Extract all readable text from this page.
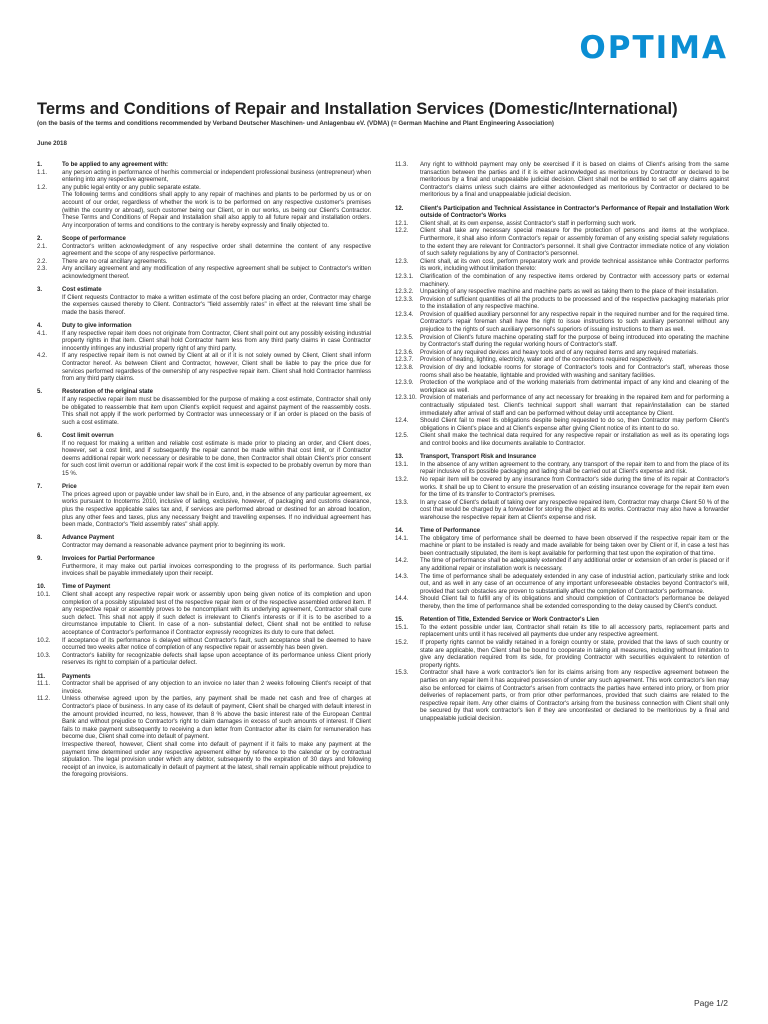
OPTIMA
Terms and Conditions of Repair and Installation Services (Domestic/International)
(on the basis of the terms and conditions recommended by Verband Deutscher Maschinen- und Anlagenbau eV. (VDMA) (= German Machine and Plant Engineering Association)
June 2018
1.	To be applied to any agreement with:
1.1.	any person acting in performance of her/his commercial or independent professional business (entrepreneur) when entering into any respective agreement,
1.2.	any public legal entity or any public separate estate.
The following terms and conditions shall apply to any repair of machines and plants to be performed by us or on account of our order, regardless of whether the work is to be performed on any respective customer's premises (within the country or abroad), such customer being our Client, or in our works, us being our Client's Contractor. These Terms and Conditions of Repair and Installation shall also apply to all future repair and installation orders. Any incorporation of terms and conditions to the contrary is hereby expressly and finally objected to.
2.	Scope of performance
2.1.	Contractor's written acknowledgment of any respective order shall determine the content of any respective agreement and the scope of any respective performance.
2.2.	There are no oral ancillary agreements.
2.3.	Any ancillary agreement and any modification of any respective agreement shall be subject to Contractor's written acknowledgment thereof.
3.	Cost estimate
If Client requests Contractor to make a written estimate of the cost before placing an order, Contractor may charge the expenses caused thereby to Client. Contractor's "field assembly rates" in effect at the relevant time shall be made the basis thereof.
4.	Duty to give information
4.1.	If any respective repair item does not originate from Contractor, Client shall point out any possibly existing industrial property rights in that item. Client shall hold Contractor harm less from any third party claims in case Contractor innocently infringes any industrial property right of any third party.
4.2.	If any respective repair item is not owned by Client at all or if it is not solely owned by Client, Client shall inform Contractor hereof. As between Client and Contractor, however, Client shall be liable to pay the price due for services performed regardless of the ownership of any respective repair item. Client shall hold Contractor harmless from any third party claims.
5.	Restoration of the original state
If any respective repair item must be disassembled for the purpose of making a cost estimate, Contractor shall only be obligated to reassemble that item upon Client's explicit request and against payment of the reassembly costs. This shall not apply if the work performed by Contractor was unnecessary or if an order is placed on the basis of such a cost estimate.
6.	Cost limit overrun
If no request for making a written and reliable cost estimate is made prior to placing an order, and Client does, however, set a cost limit, and if subsequently the repair cannot be made within that cost limit, or if Contractor deems additional repair work necessary or desirable to be done, then Contractor shall obtain Client's prior consent for such cost limit overrun or additional repair work if the cost limit is expected to be probably overrun by more than 15 %.
7.	Price
The prices agreed upon or payable under law shall be in Euro, and, in the absence of any particular agreement, ex works pursuant to Incoterms 2010, inclusive of lading, exclusive, however, of packaging and customs clearance, plus the respective applicable sales tax and, if services are performed abroad or destined for an abroad location, plus any other fees and taxes, plus any necessary freight and travelling expenses. If no individual agreement has been made, Contractor's "field assembly rates" shall apply.
8.	Advance Payment
Contractor may demand a reasonable advance payment prior to beginning its work.
9.	Invoices for Partial Performance
Furthermore, it may make out partial invoices corresponding to the progress of its performance. Such partial invoices shall be payable immediately upon their receipt.
10.	Time of Payment
10.1.	Client shall accept any respective repair work or assembly upon being given notice of its completion and upon completion of a possibly stipulated test of the respective repair item or of the respective assembled ordered item. If any respective repair or assembly proves to be noncompliant with its underlying agreement, Contractor shall cure such defect. This shall not apply if such defect is irrelevant to Client's interests or if it is to be ascribed to a circumstance imputable to Client. In case of a non- substantial defect, Client shall not be entitled to refuse acceptance of Contractor's performance if Contractor expressly recognizes its duty to cure that defect.
10.2.	If acceptance of its performance is delayed without Contractor's fault, such acceptance shall be deemed to have occurred two weeks after notice of completion of any respective repair or assembly has been given.
10.3.	Contractor's liability for recognizable defects shall lapse upon acceptance of its performance unless Client priorly reserves its right to complain of a particular defect.
11.	Payments
11.1.	Contractor shall be apprised of any objection to an invoice no later than 2 weeks following Client's receipt of that invoice.
11.2.	Unless otherwise agreed upon by the parties, any payment shall be made net cash and free of charges at Contractor's place of business. In any case of its default of payment, Client shall be charged with default interest in the amount provided incurred, no less, however, than 8 % above the basic interest rate of the European Central Bank and without prejudice to Contractor's right to claim damages in excess of such amounts of interest. If Client fails to make payment subsequently to receiving a dun letter from Contractor after its claim for remuneration has become due, Client shall come into default of payment.
Irrespective thereof, however, Client shall come into default of payment if it fails to make any payment at the payment time determined under any respective agreement either by reference to the calendar or by contractual stipulation. The legal provision under which any debtor, subsequently to the expiration of 30 days and following receipt of an invoice, is automatically in default of payment at the latest, shall remain applicable without prejudice to the foregoing provisions.
11.3.	Any right to withhold payment may only be exercised if it is based on claims of Client's arising from the same transaction between the parties and if it is either acknowledged as meritorious by Contractor or declared to be meritorious by a final and unappealable judicial decision. Client shall not be entitled to set off any claims against Contractor's claims unless such claims are either acknowledged as meritorious by Contractor or declared to be meritorious by a final and unappealable judicial decision.
12.	Client's Participation and Technical Assistance in Contractor's Performance of Repair and Installation Work outside of Contractor's Works
12.1.	Client shall, at its own expense, assist Contractor's staff in performing such work.
12.2.	Client shall take any necessary special measure for the protection of persons and items at the workplace. Furthermore, it shall also inform Contractor's repair or assembly foreman of any existing special safety regulations to the extent they are relevant for Contractor's personnel. It shall give Contractor immediate notice of any violation of such safety regulations by any of Contractor's personnel.
12.3.	Client shall, at its own cost, perform preparatory work and provide technical assistance while Contractor performs its work, including without limitation thereto:
12.3.1.	Clarification of the combination of any respective items ordered by Contractor with accessory parts or external machinery.
12.3.2.	Unpacking of any respective machine and machine parts as well as taking them to the place of their installation.
12.3.3.	Provision of sufficient quantities of all the products to be processed and of the respective packaging materials prior to the installation of any respective machine.
12.3.4.	Provision of qualified auxiliary personnel for any respective repair in the required number and for the required time. Contractor's repair foreman shall have the right to issue instructions to such auxiliary personnel without any prejudice to the rights of such auxiliary personnel's superiors of issuing instructions to them as well.
12.3.5.	Provision of Client's future machine operating staff for the purpose of being introduced into operating the machine by Contractor's staff during the regular working hours of Contractor's staff.
12.3.6.	Provision of any required devices and heavy tools and of any required items and any required materials.
12.3.7.	Provision of heating, lighting, electricity, water and of the connections required respectively.
12.3.8.	Provision of dry and lockable rooms for storage of Contractor's tools and for Contractor's staff, whereas those rooms shall also be heatable, lightable and provided with washing and sanitary facilities.
12.3.9.	Protection of the workplace and of the working materials from detrimental impact of any kind and cleaning of the workplace as well.
12.3.10. Provision of materials and performance of any act necessary for breaking in the repaired item and for performing a contractually stipulated test. Client's technical support shall warrant that repair/installation can be started immediately after arrival of staff and can be performed without delay until acceptance by Client.
12.4.	Should Client fail to meet its obligations despite being requested to do so, then Contractor may perform Client's obligations in Client's place and at Client's expense after giving Client notice of its intent to do so.
12.5.	Client shall make the technical data required for any respective repair or installation as well as its operating logs and control books and like documents available to Contractor.
13.	Transport, Transport Risk and Insurance
13.1.	In the absence of any written agreement to the contrary, any transport of the repair item to and from the place of its repair inclusive of its possible packaging and lading shall be carried out at Client's expense and risk.
13.2.	No repair item will be covered by any insurance from Contractor's side during the time of its repair at Contractor's works. It shall be up to Client to ensure the preservation of an existing insurance coverage for the repair item even for the time of its transfer to Contractor's premises.
13.3.	In any case of Client's default of taking over any respective repaired item, Contractor may charge Client 50 % of the cost that would be charged by a forwarder for storing the object at its works. Contractor may also have a forwarder warehouse the respective repair item at Client's expense and risk.
14.	Time of Performance
14.1.	The obligatory time of performance shall be deemed to have been observed if the respective repair item or the machine or plant to be installed is ready and made available for being taken over by Client or if, in case a test has been contractually stipulated, the item is kept available for performing that test upon the expiration of that time.
14.2.	The time of performance shall be adequately extended if any additional order or extension of an order is placed or if any additional repair or installation work is necessary.
14.3.	The time of performance shall be adequately extended in any case of industrial action, particularly strike and lock out, and as well in any case of an occurrence of any important unforeseeable obstacles beyond Contractor's will, provided that such obstacles are proven to substantially affect the completion of Contractor's performance.
14.4.	Should Client fail to fulfill any of its obligations and should completion of Contractor's performance be delayed thereby, then the time of performance shall be extended corresponding to the delay caused by Client's conduct.
15.	Retention of Title, Extended Service or Work Contractor's Lien
15.1.	To the extent possible under law, Contractor shall retain its title to all accessory parts, replacement parts and replacement units until it has received all payments due under any respective agreement.
15.2.	If property rights cannot be validly retained in a foreign country or state, provided that the laws of such country or state are applicable, then Client shall be bound to cooperate in taking all measures, including without limitation to give any declaration required from its side, for providing Contractor with securities equivalent to retention of property rights.
15.3.	Contractor shall have a work contractor's lien for its claims arising from any respective agreement between the parties on any repair item it has acquired possession of under any such agreement. This work contractor's lien may also be enforced for claims of Contractor's arisen from contracts the parties have entered into priory, or from prior deliveries of replacement parts, or from prior other performances, provided that such claims are related to the respective repair item. Any other claims of Contractor's arising from the business connection with Client shall only be secured by that work contractor's lien if they are uncontested or declared to be meritorious by a final and unappealable judicial decision.
Page 1/2
